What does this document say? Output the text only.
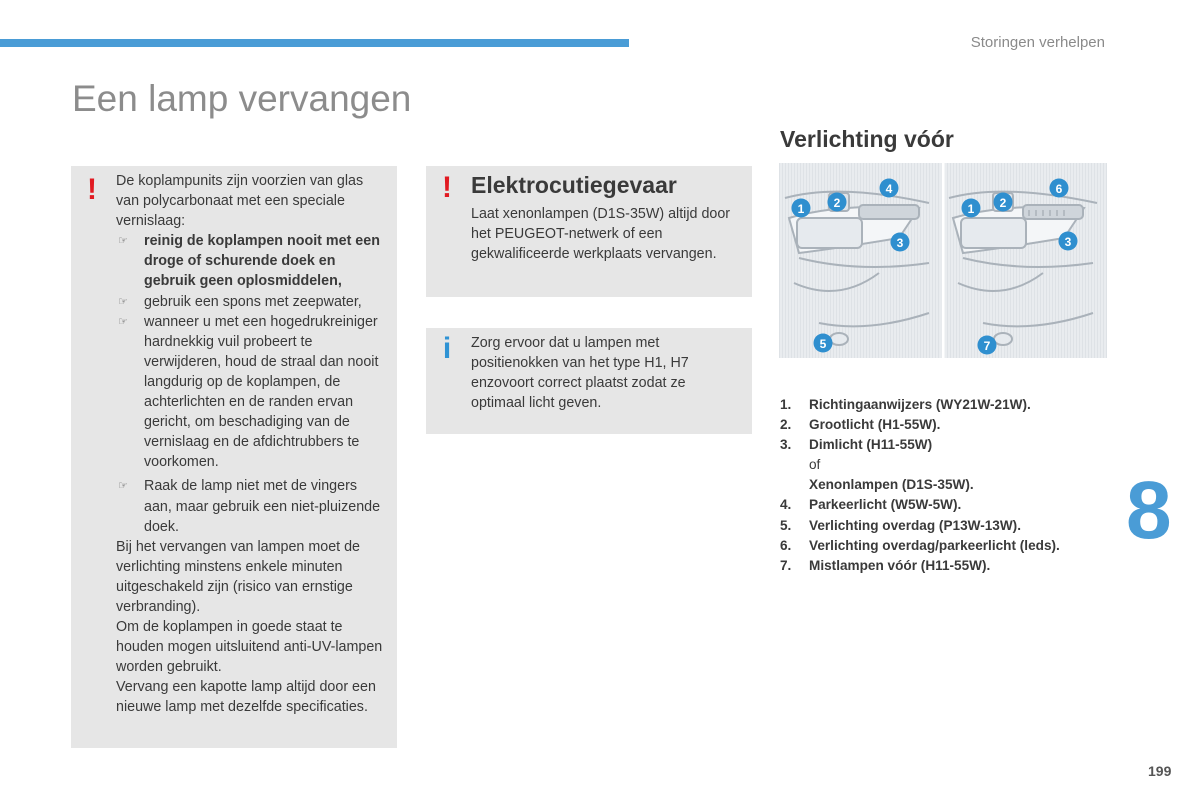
Storingen verhelpen
Een lamp vervangen
Verlichting vóór
! De koplampunits zijn voorzien van glas van polycarbonaat met een speciale vernislaag:

☞ reinig de koplampen nooit met een droge of schurende doek en gebruik geen oplosmiddelen,
☞ gebruik een spons met zeepwater,
☞ wanneer u met een hogedrukreiniger hardnekkig vuil probeert te verwijderen, houd de straal dan nooit langdurig op de koplampen, de achterlichten en de randen ervan gericht, om beschadiging van de vernislaag en de afdichtrubbers te voorkomen.
☞ Raak de lamp niet met de vingers aan, maar gebruik een niet-pluizende doek.

Bij het vervangen van lampen moet de verlichting minstens enkele minuten uitgeschakeld zijn (risico van ernstige verbranding).

Om de koplampen in goede staat te houden mogen uitsluitend anti-UV-lampen worden gebruikt.

Vervang een kapotte lamp altijd door een nieuwe lamp met dezelfde specificaties.

! Elektrocutiegevaar

Laat xenonlampen (D1S-35W) altijd door het PEUGEOT-netwerk of een gekwalificeerde werkplaats vervangen.

i Zorg ervoor dat u lampen met positienokken van het type H1, H7 enzovoort correct plaatst zodat ze optimaal licht geven.

1 2
3
4
5
1 2
3
6
7
1. Richtingaanwijzers (WY21W-21W).
2. Grootlicht (H1-55W).
3. Dimlicht (H11-55W)
of
Xenonlampen (D1S-35W).
4. Parkeerlicht (W5W-5W).
5. Verlichting overdag (P13W-13W).
6. Verlichting overdag/parkeerlicht (leds).
7. Mistlampen vóór (H11-55W).
8
199
